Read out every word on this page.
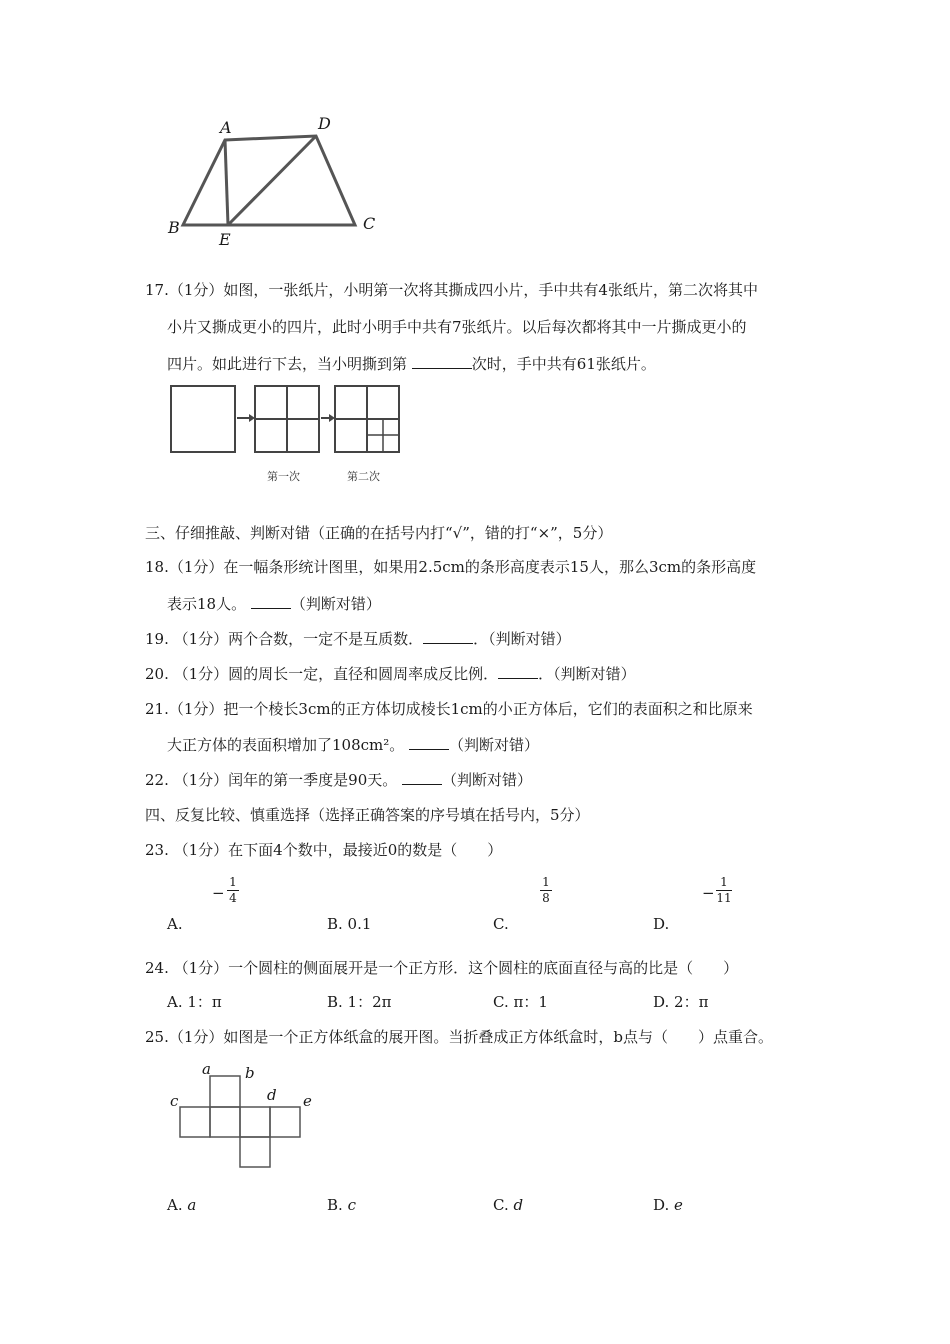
A	D
B
E
C
17.（1分）如图，一张纸片，小明第一次将其撕成四小片，手中共有4张纸片，第二次将其中
小片又撕成更小的四片，此时小明手中共有7张纸片。以后每次都将其中一片撕成更小的
四片。如此进行下去，当小明撕到第	次时，手中共有61张纸片。
第一次	第二次
三、仔细推敲、判断对错（正确的在括号内打“√”，错的打“×”，5分）
18.（1分）在一幅条形统计图里，如果用2.5cm的条形高度表示15人，那么3cm的条形高度
表示18人。	（判断对错）
19. （1分）两个合数，一定不是互质数．	．（判断对错）
20. （1分）圆的周长一定，直径和圆周率成反比例．	．（判断对错）
21.（1分）把一个棱长3cm的正方体切成棱长1cm的小正方体后，它们的表面积之和比原来
大正方体的表面积增加了108cm²。	（判断对错）
22. （1分）闰年的第一季度是90天。	（判断对错）
四、反复比较、慎重选择（选择正确答案的序号填在括号内，5分）
23. （1分）在下面4个数中，最接近0的数是（　　）
A.
−
1
4
B. 0.1	C.
1
8
D.
−
1
11
24. （1分）一个圆柱的侧面展开是一个正方形．这个圆柱的底面直径与高的比是（　　）
A. 1：π	B. 1：2π	C. π：1	D. 2：π
25.（1分）如图是一个正方体纸盒的展开图。当折叠成正方体纸盒时，b点与（　　）点重合。
a b
c	d e
A. a	B. c	C. d	D. e
